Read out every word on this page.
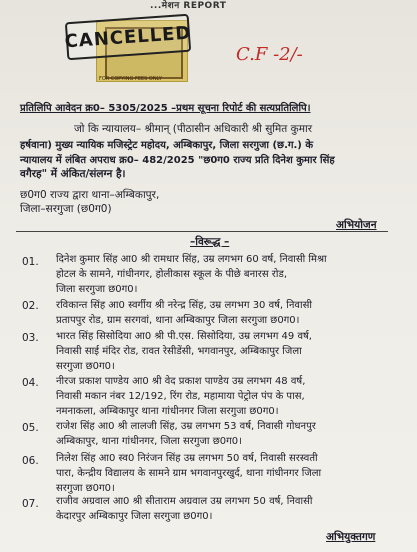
...मेशन REPORT
FOR COPYING FEES ONLY
CANCELLED
C.F -2/-
प्रतिलिपि आवेदन क्र0– 5305/2025 –प्रथम सूचना रिपोर्ट की सत्यप्रतिलिपि।
जो कि न्यायालय– श्रीमान् (पीठासीन अधिकारी श्री सुमित कुमार
हर्षवाना) मुख्य न्यायिक मजिस्ट्रेट महोदय, अम्बिकापुर, जिला सरगुजा (छ.ग.) के
न्यायालय में लंबित अपराध क्र0– 482/2025 "छ0ग0 राज्य प्रति दिनेश कुमार सिंह
वगैरह" में अंकित/संलग्न है।
छ0ग0 राज्य द्वारा थाना–अम्बिकापुर,
जिला–सरगुजा (छ0ग0)
अभियोजन
–विरूद्ध –
01. दिनेश कुमार सिंह आ0 श्री रामधार सिंह, उम्र लगभग 60 वर्ष, निवासी मिश्रा
होटल के सामने, गांधीनगर, होलीकास स्कूल के पीछे बनारस रोड,
जिला सरगुजा छ0ग0।
02. रविकान्त सिंह आ0 स्वर्गीय श्री नरेन्द्र सिंह, उम्र लगभग 30 वर्ष, निवासी
प्रतापपुर रोड, ग्राम सरगवां, थाना अम्बिकापुर जिला सरगुजा छ0ग0।
03. भारत सिंह सिसोदिया आ0 श्री पी.एस. सिसोदिया, उम्र लगभग 49 वर्ष,
निवासी साई मंदिर रोड, रावत रेसीडेंसी, भगवानपुर, अम्बिकापुर जिला
सरगुजा छ0ग0।
04. नीरज प्रकाश पाण्डेय आ0 श्री वेद प्रकाश पाण्डेय उम्र लगभग 48 वर्ष,
निवासी मकान नंबर 12/192, रिंग रोड, महामाया पेट्रोल पंप के पास,
नमनाकला, अम्बिकापुर थाना गांधीनगर जिला सरगुजा छ0ग0।
05. राजेश सिंह आ0 श्री लालजी सिंह, उम्र लगभग 53 वर्ष, निवासी गोधनपुर
अम्बिकापुर, थाना गांधीनगर, जिला सरगुजा छ0ग0।
06. निलेश सिंह आ0 स्व0 निरंजन सिंह उम्र लगभग 50 वर्ष, निवासी सरस्वती
पारा, केन्द्रीय विद्यालय के सामने ग्राम भगवानपुरखुर्द, थाना गांधीनगर जिला
सरगुजा छ0ग0।
07. राजीव अग्रवाल आ0 श्री सीताराम अग्रवाल उम्र लगभग 50 वर्ष, निवासी
केदारपुर अम्बिकापुर जिला सरगुजा छ0ग0।
अभियुक्तगण
